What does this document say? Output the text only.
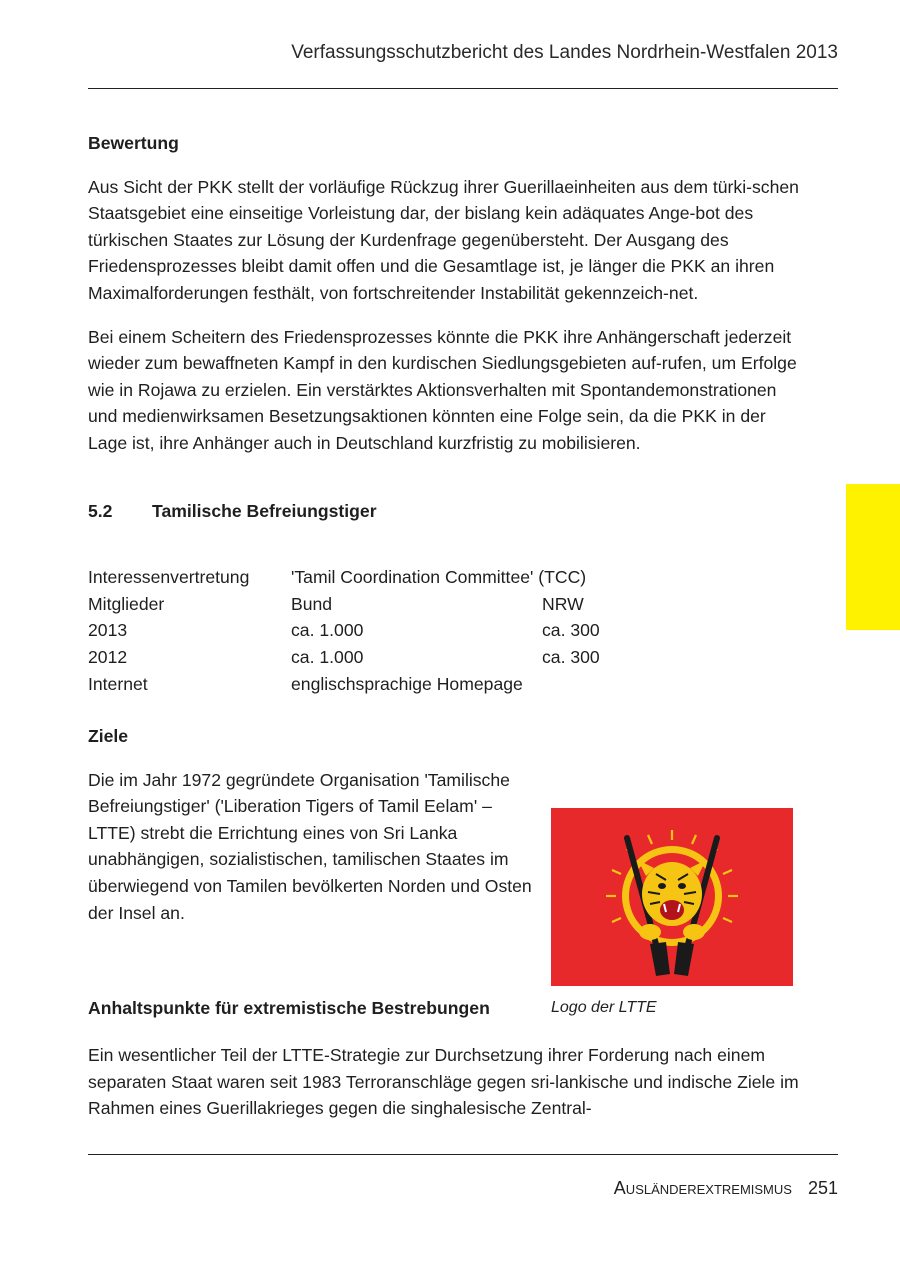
Verfassungsschutzbericht des Landes Nordrhein-Westfalen 2013

Bewertung

Aus Sicht der PKK stellt der vorläufige Rückzug ihrer Guerillaeinheiten aus dem türki-schen Staatsgebiet eine einseitige Vorleistung dar, der bislang kein adäquates Ange-bot des türkischen Staates zur Lösung der Kurdenfrage gegenübersteht. Der Ausgang des Friedensprozesses bleibt damit offen und die Gesamtlage ist, je länger die PKK an ihren Maximalforderungen festhält, von fortschreitender Instabilität gekennzeich-net.

Bei einem Scheitern des Friedensprozesses könnte die PKK ihre Anhängerschaft jederzeit wieder zum bewaffneten Kampf in den kurdischen Siedlungsgebieten auf-rufen, um Erfolge wie in Rojawa zu erzielen. Ein verstärktes Aktionsverhalten mit Spontandemonstrationen und medienwirksamen Besetzungsaktionen könnten eine Folge sein, da die PKK in der Lage ist, ihre Anhänger auch in Deutschland kurzfristig zu mobilisieren.

5.2	Tamilische Befreiungstiger
Interessenvertretung	'Tamil Coordination Committee' (TCC)	
Mitglieder	Bund	NRW
2013	ca. 1.000	ca. 300
2012	ca. 1.000	ca. 300
Internet	englischsprachige Homepage	

Ziele

Die im Jahr 1972 gegründete Organisation 'Tamilische Befreiungstiger' ('Liberation Tigers of Tamil Eelam' – LTTE) strebt die Errichtung eines von Sri Lanka unabhängigen, sozialistischen, tamilischen Staates im überwiegend von Tamilen bevölkerten Norden und Osten der Insel an.

Logo der LTTE
Anhaltspunkte für extremistische Bestrebungen

Ein wesentlicher Teil der LTTE-Strategie zur Durchsetzung ihrer Forderung nach einem separaten Staat waren seit 1983 Terroranschläge gegen sri-lankische und indische Ziele im Rahmen eines Guerillakrieges gegen die singhalesische Zentral-

Ausländerextremismus 251
